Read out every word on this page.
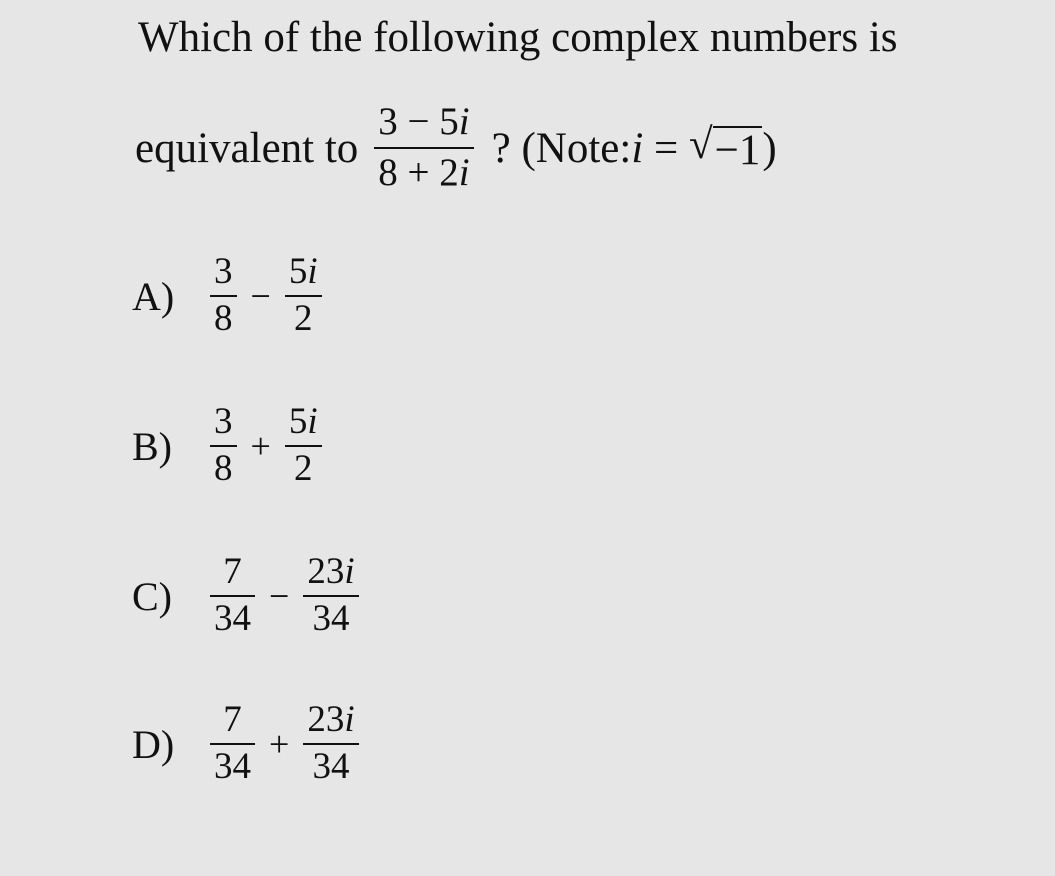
Which of the following complex numbers is
equivalent to $\frac{3 - 5i}{8 + 2i}$ ? (Note: i = √ −1 )
$A) \frac{3}{8} - \frac{5i}{2}$
B)	$\frac{3}{8} + \frac{5i}{2}$
C)	$\frac{7}{34} - \frac{23i}{34}$
$D) \frac{7}{34} + \frac{23i}{34}$
